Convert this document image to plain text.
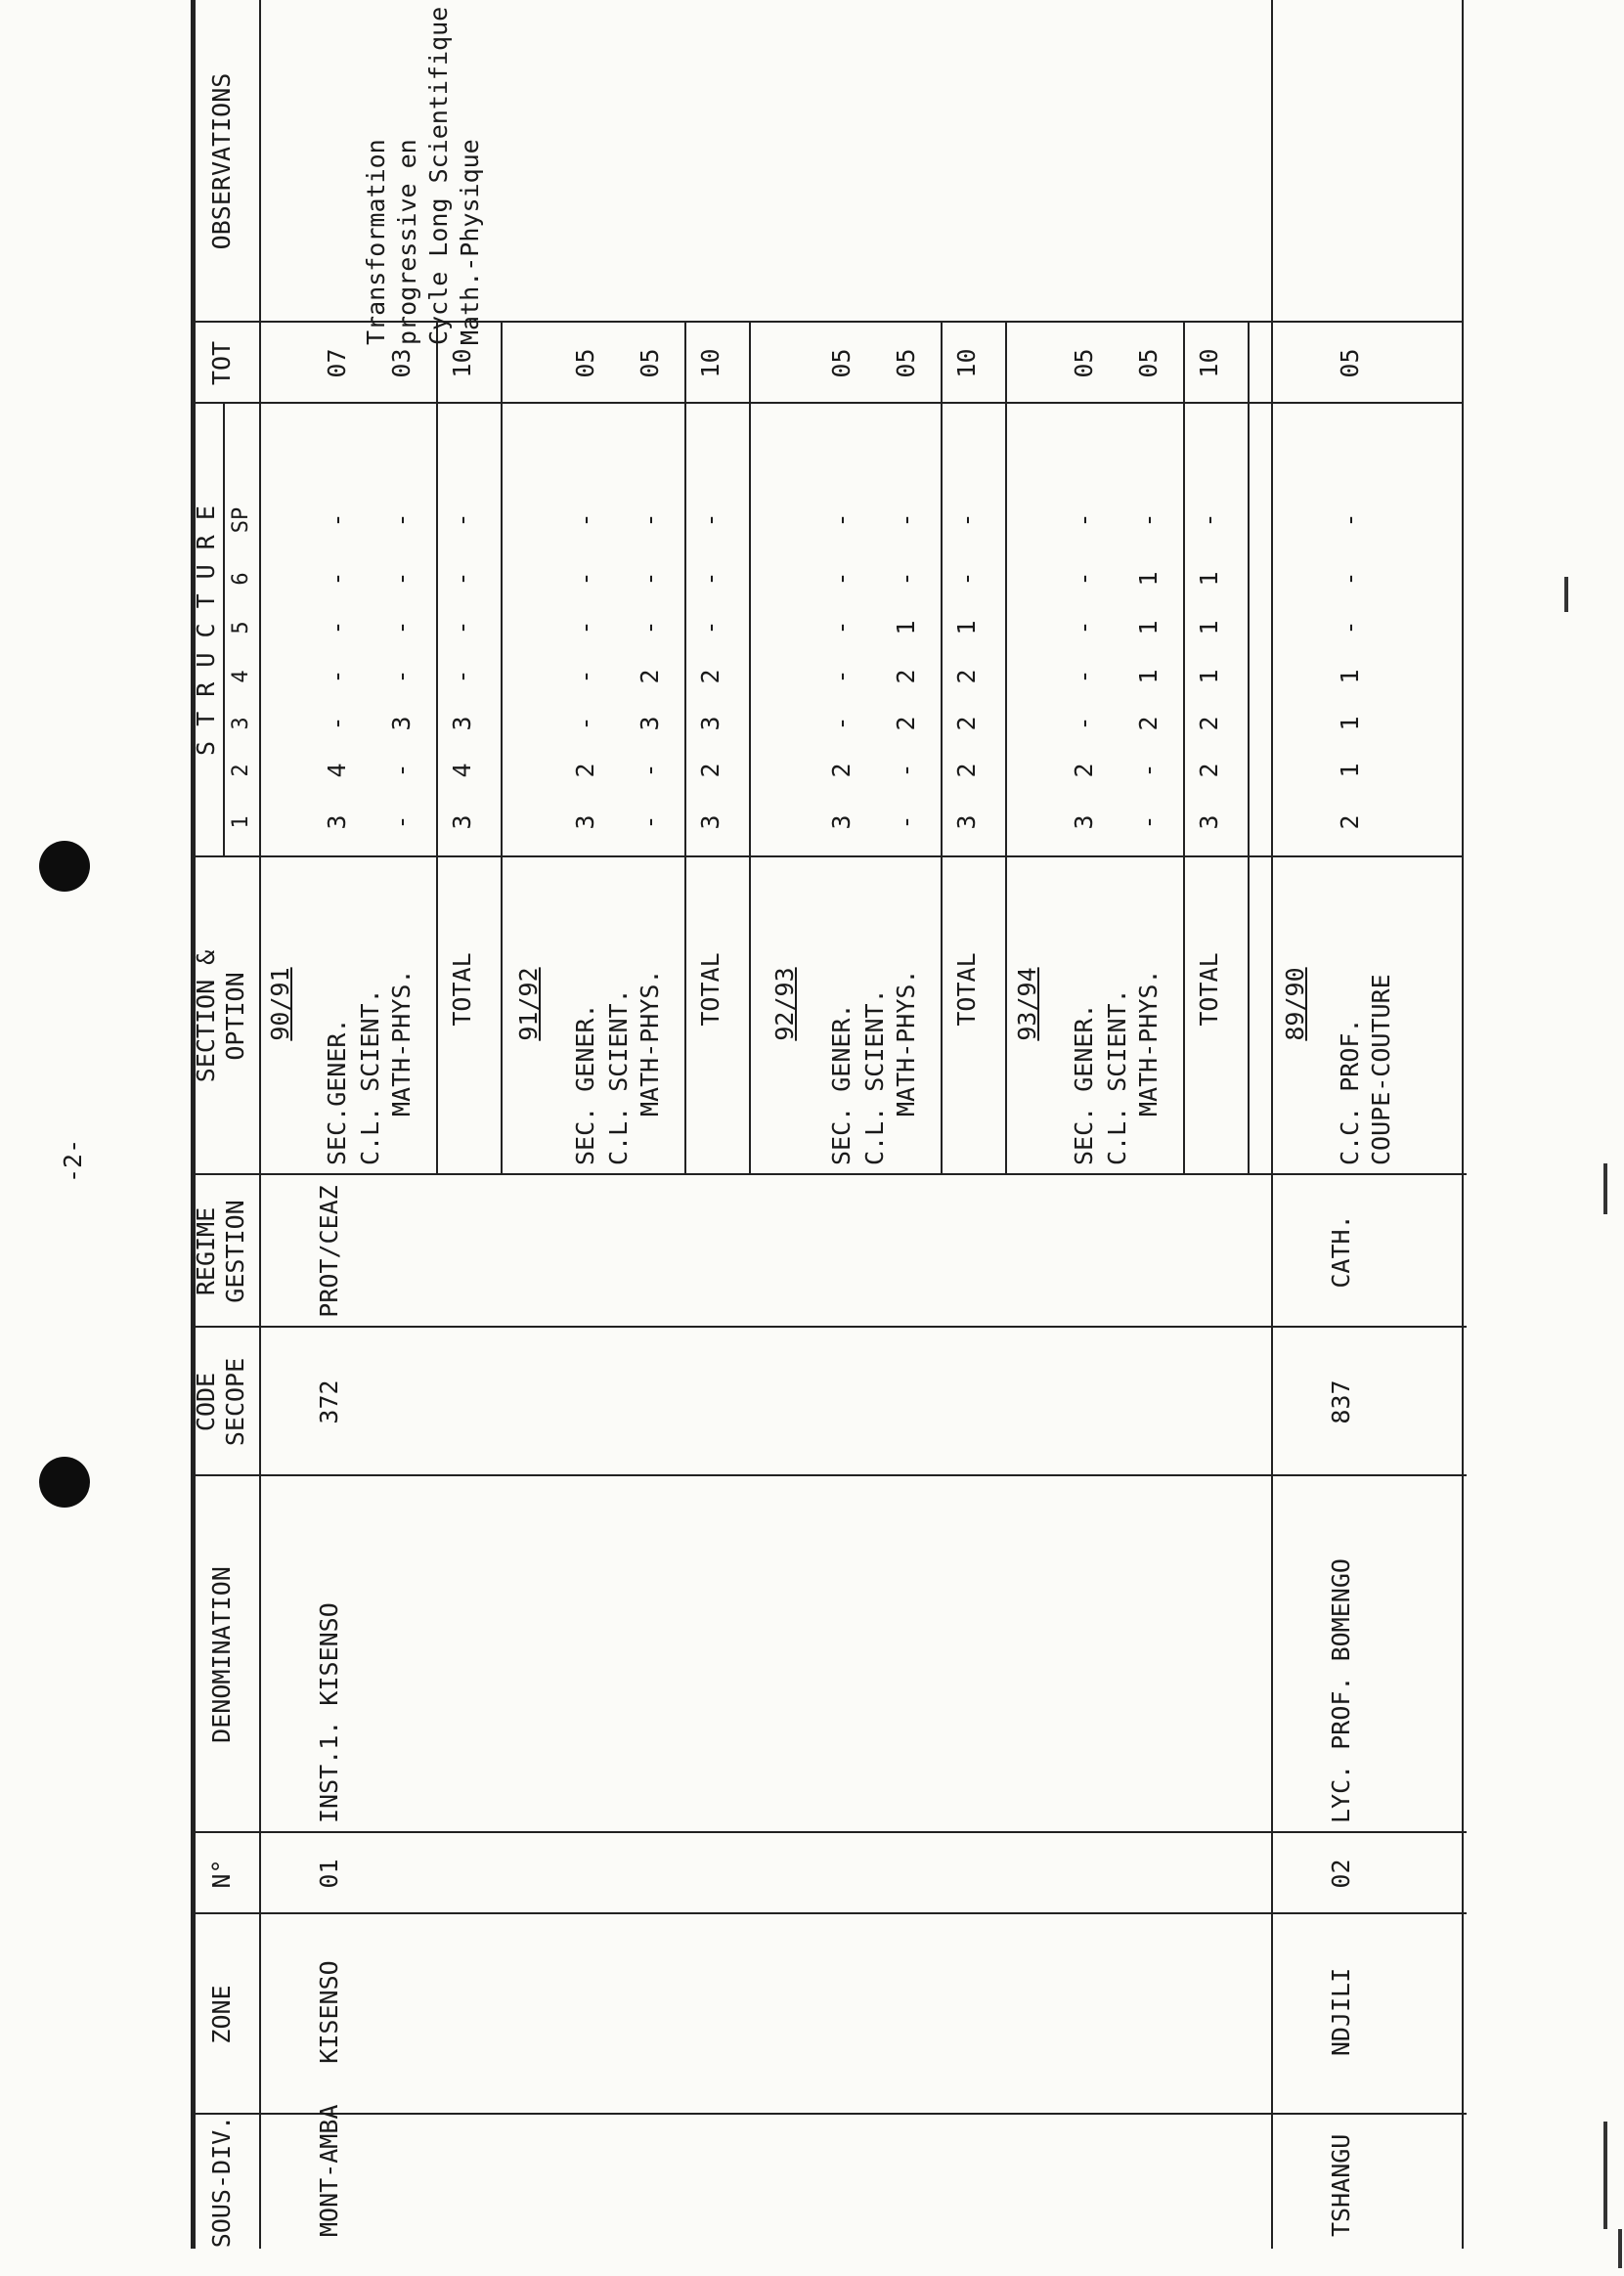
SOUS-DIV.
ZONE
N°
DENOMINATION
CODE SECOPE
REGIME GESTION
SECTION & OPTION
S T R U C T U R E
1
2
3
4
5
6
SP
TOT
OBSERVATIONS
MONT-AMBA
KISENSO
01
INST.1. KISENSO
372
PROT/CEAZ
90/91
SEC.GENER. C.L. SCIENT. MATH-PHYS.
3
4
-
-
-
-
-
07
-
-
3
-
-
-
-
03
TOTAL
3
4
3
-
-
-
-
10
91/92 SEC. GENER. C.L. SCIENT. MATH-PHYS.
3
2
-
-
-
-
-
05
-
-
3
2
-
-
-
05
TOTAL
3
2
3
2
-
-
-
10
92/93 SEC. GENER. C.L. SCIENT. MATH-PHYS.
3
2
-
-
-
-
-
05
-
-
2
2
1
-
-
05
TOTAL
3
2
2
2
1
-
-
10
93/94 SEC. GENER. C.L. SCIENT. MATH-PHYS.
3
2
-
-
-
-
-
05
-
-
2
1
1
1
-
05
TOTAL
3
2
2
1
1
1
-
10
Transformation progressive en Cycle Long Scientifique Math.-Physique
TSHANGU
NDJILI
02
LYC. PROF. BOMENGO
837
CATH.
89/90
C.C. PROF. COUPE-COUTURE
2
1
1
1
-
-
-
05
-2-
